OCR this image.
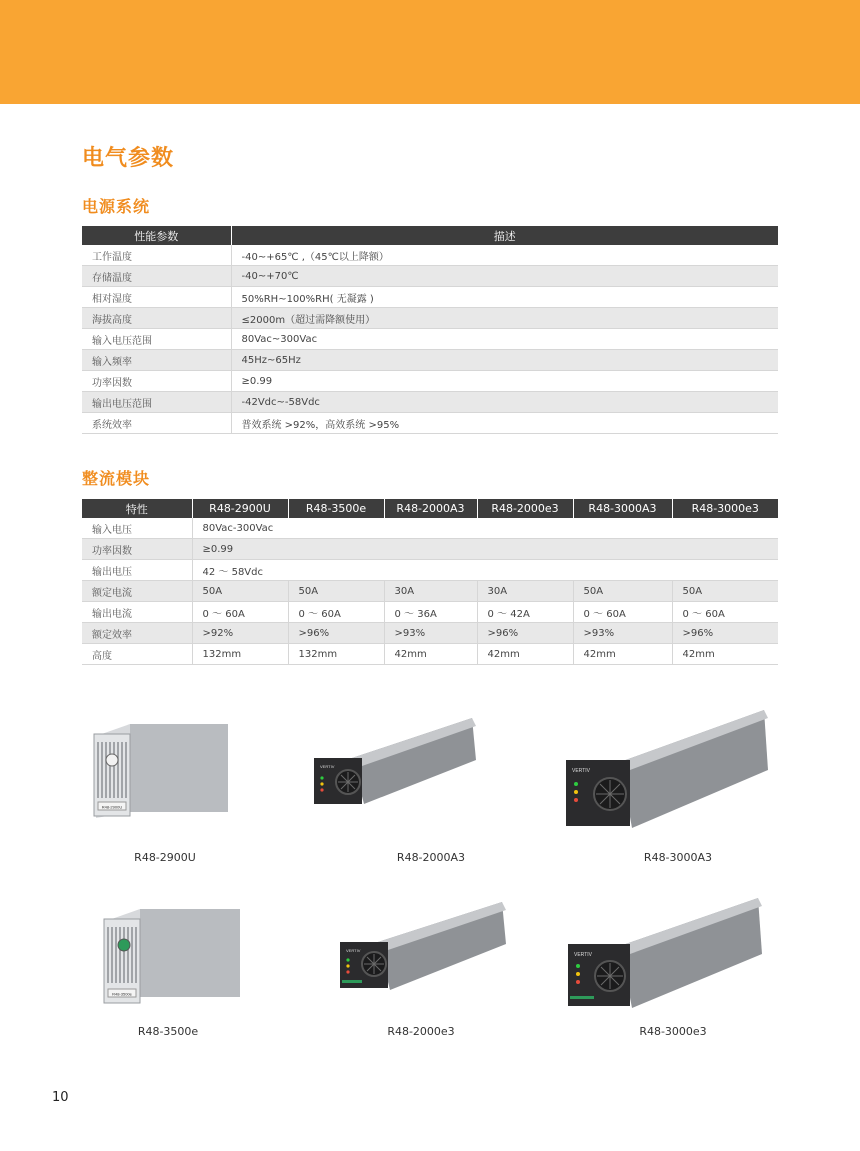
电气参数
电源系统
性能参数	描述
工作温度	-40~+65℃ ,（45℃以上降额）
存储温度	-40~+70℃
相对湿度	50%RH~100%RH( 无凝露 )
海拔高度	≤2000m（超过需降额使用）
输入电压范围	80Vac~300Vac
输入频率	45Hz~65Hz
功率因数	≥0.99
输出电压范围	-42Vdc~-58Vdc
系统效率	普效系统 >92%，高效系统 >95%
整流模块
特性	R48-2900U	R48-3500e	R48-2000A3	R48-2000e3	R48-3000A3	R48-3000e3
输入电压	80Vac-300Vac					
功率因数	≥0.99					
输出电压	42 ～ 58Vdc					
额定电流	50A	50A	30A	30A	50A	50A
输出电流	0 ～ 60A	0 ～ 60A	0 ～ 36A	0 ～ 42A	0 ～ 60A	0 ～ 60A
额定效率	>92%	>96%	>93%	>96%	>93%	>96%
高度	132mm	132mm	42mm	42mm	42mm	42mm
R48-2900U
VERTIV
VERTIV
R48-3500e
VERTIV
VERTIV
R48-2900U	R48-2000A3	R48-3000A3
R48-3500e	R48-2000e3	R48-3000e3
10
